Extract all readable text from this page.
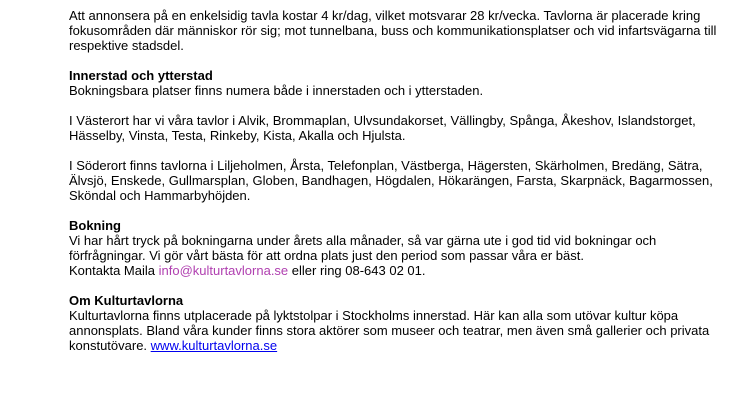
Att annonsera på en enkelsidig tavla kostar 4 kr/dag, vilket motsvarar 28 kr/vecka. Tavlorna är placerade kring fokusområden där människor rör sig; mot tunnelbana, buss och kommunikationsplatser och vid infartsvägarna till respektive stadsdel.

Innerstad och ytterstad

Bokningsbara platser finns numera både i innerstaden och i ytterstaden.

I Västerort har vi våra tavlor i Alvik, Brommaplan, Ulvsundakorset, Vällingby, Spånga, Åkeshov, Islandstorget, Hässelby, Vinsta, Testa, Rinkeby, Kista, Akalla och Hjulsta.

I Söderort finns tavlorna i Liljeholmen, Årsta, Telefonplan, Västberga, Hägersten, Skärholmen, Bredäng, Sätra, Älvsjö, Enskede, Gullmarsplan, Globen, Bandhagen, Högdalen, Hökarängen, Farsta, Skarpnäck, Bagarmossen, Sköndal och Hammarbyhöjden.

Bokning

Vi har hårt tryck på bokningarna under årets alla månader, så var gärna ute i god tid vid bokningar och förfrågningar. Vi gör vårt bästa för att ordna plats just den period som passar våra er bäst.

Kontakta Maila info@kulturtavlorna.se eller ring 08-643 02 01.

Om Kulturtavlorna

Kulturtavlorna finns utplacerade på lyktstolpar i Stockholms innerstad. Här kan alla som utövar kultur köpa annonsplats. Bland våra kunder finns stora aktörer som museer och teatrar, men även små gallerier och privata konstutövare. www.kulturtavlorna.se
